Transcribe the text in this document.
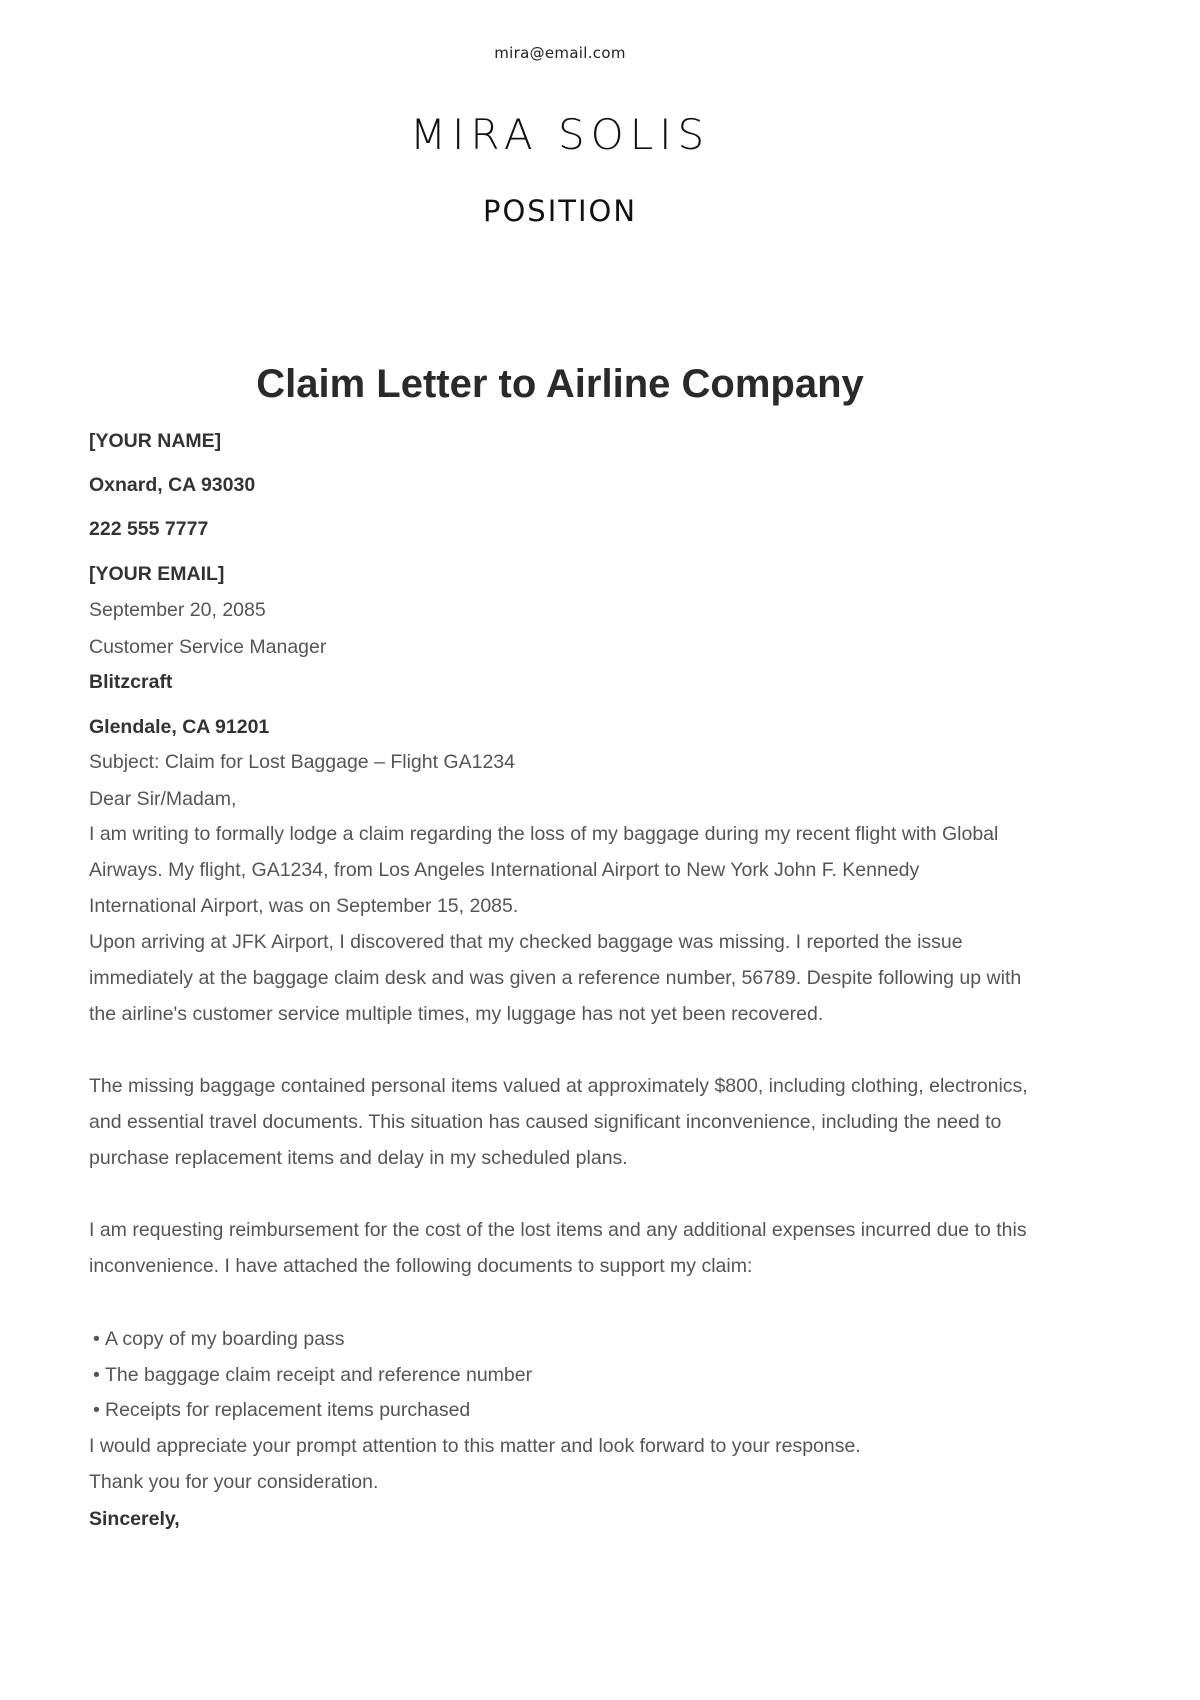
mira@email.com
MIRA SOLIS
POSITION
Claim Letter to Airline Company
[YOUR NAME]
Oxnard, CA 93030
222 555 7777
[YOUR EMAIL]
September 20, 2085
Customer Service Manager
Blitzcraft
Glendale, CA 91201
Subject: Claim for Lost Baggage – Flight GA1234
Dear Sir/Madam,
I am writing to formally lodge a claim regarding the loss of my baggage during my recent flight with Global Airways. My flight, GA1234, from Los Angeles International Airport to New York John F. Kennedy International Airport, was on September 15, 2085.
Upon arriving at JFK Airport, I discovered that my checked baggage was missing. I reported the issue immediately at the baggage claim desk and was given a reference number, 56789. Despite following up with the airline's customer service multiple times, my luggage has not yet been recovered.
The missing baggage contained personal items valued at approximately $800, including clothing, electronics, and essential travel documents. This situation has caused significant inconvenience, including the need to purchase replacement items and delay in my scheduled plans.
I am requesting reimbursement for the cost of the lost items and any additional expenses incurred due to this inconvenience. I have attached the following documents to support my claim:
• A copy of my boarding pass
• The baggage claim receipt and reference number
• Receipts for replacement items purchased
I would appreciate your prompt attention to this matter and look forward to your response.
Thank you for your consideration.
Sincerely,
